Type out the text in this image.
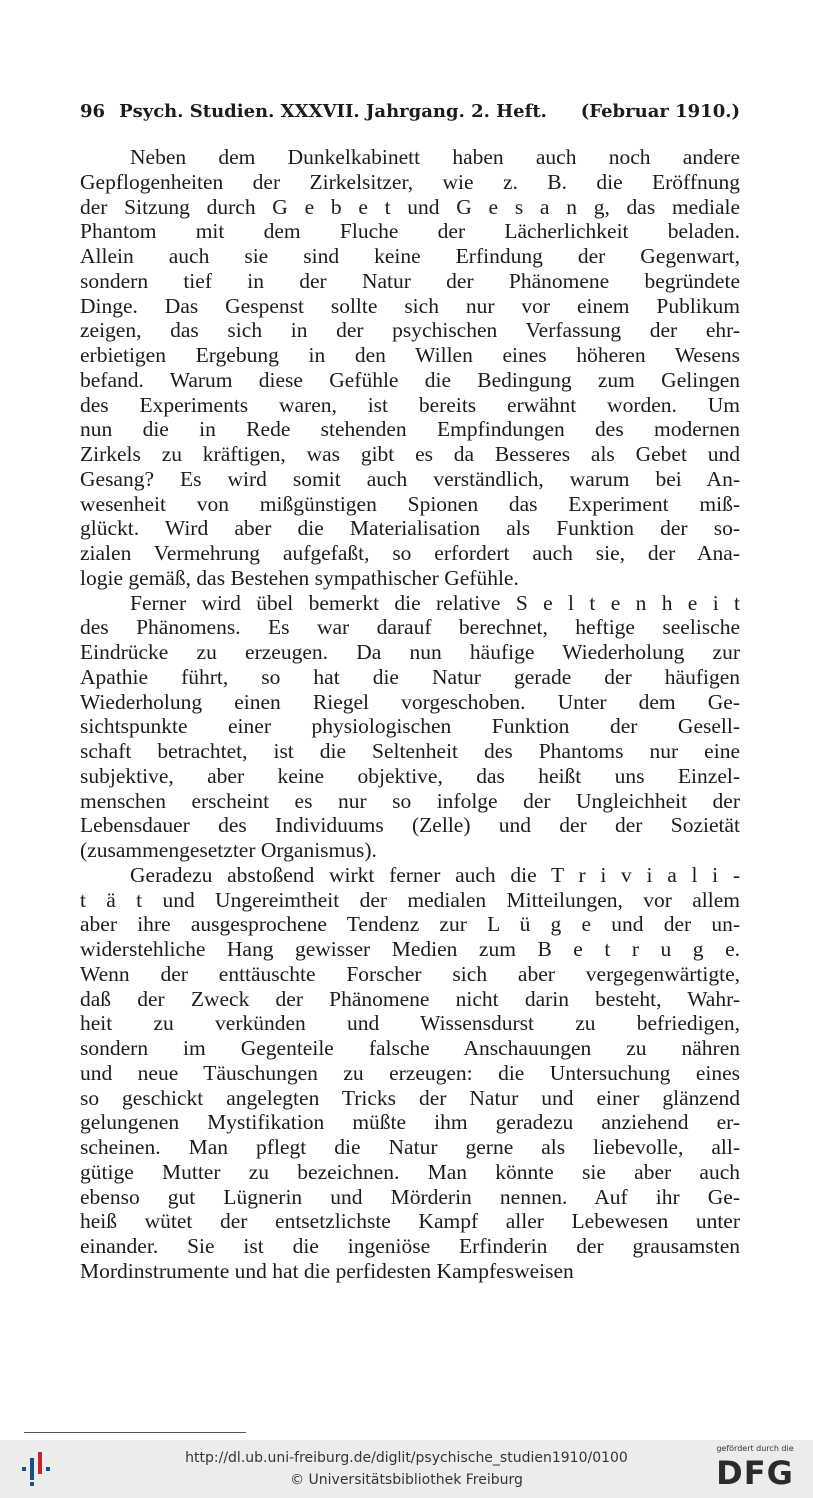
96 Psych. Studien. XXXVII. Jahrgang. 2. Heft.	(Februar 1910.)
Neben dem Dunkelkabinett haben auch noch andere
Gepflogenheiten der Zirkelsitzer, wie z. B. die Eröffnung
der Sitzung durch G e b e t und G e s a n g, das mediale
Phantom mit dem Fluche der Lächerlichkeit beladen.
Allein auch sie sind keine Erfindung der Gegenwart,
sondern tief in der Natur der Phänomene begründete
Dinge. Das Gespenst sollte sich nur vor einem Publikum
zeigen, das sich in der psychischen Verfassung der ehr-
erbietigen Ergebung in den Willen eines höheren Wesens
befand. Warum diese Gefühle die Bedingung zum Gelingen
des Experiments waren, ist bereits erwähnt worden. Um
nun die in Rede stehenden Empfindungen des modernen
Zirkels zu kräftigen, was gibt es da Besseres als Gebet und
Gesang? Es wird somit auch verständlich, warum bei An-
wesenheit von mißgünstigen Spionen das Experiment miß-
glückt. Wird aber die Materialisation als Funktion der so-
zialen Vermehrung aufgefaßt, so erfordert auch sie, der Ana-
logie gemäß, das Bestehen sympathischer Gefühle.
Ferner wird übel bemerkt die relative S e l t e n h e i t
des Phänomens. Es war darauf berechnet, heftige seelische
Eindrücke zu erzeugen. Da nun häufige Wiederholung zur
Apathie führt, so hat die Natur gerade der häufigen
Wiederholung einen Riegel vorgeschoben. Unter dem Ge-
sichtspunkte einer physiologischen Funktion der Gesell-
schaft betrachtet, ist die Seltenheit des Phantoms nur eine
subjektive, aber keine objektive, das heißt uns Einzel-
menschen erscheint es nur so infolge der Ungleichheit der
Lebensdauer des Individuums (Zelle) und der der Sozietät
(zusammengesetzter Organismus).
Geradezu abstoßend wirkt ferner auch die T r i v i a l i -
t ä t und Ungereimtheit der medialen Mitteilungen, vor allem
aber ihre ausgesprochene Tendenz zur L ü g e und der un-
widerstehliche Hang gewisser Medien zum B e t r u g e.
Wenn der enttäuschte Forscher sich aber vergegenwärtigte,
daß der Zweck der Phänomene nicht darin besteht, Wahr-
heit zu verkünden und Wissensdurst zu befriedigen,
sondern im Gegenteile falsche Anschauungen zu nähren
und neue Täuschungen zu erzeugen: die Untersuchung eines
so geschickt angelegten Tricks der Natur und einer glänzend
gelungenen Mystifikation müßte ihm geradezu anziehend er-
scheinen. Man pflegt die Natur gerne als liebevolle, all-
gütige Mutter zu bezeichnen. Man könnte sie aber auch
ebenso gut Lügnerin und Mörderin nennen. Auf ihr Ge-
heiß wütet der entsetzlichste Kampf aller Lebewesen unter
einander. Sie ist die ingeniöse Erfinderin der grausamsten
Mordinstrumente und hat die perfidesten Kampfesweisen
http://dl.ub.uni-freiburg.de/diglit/psychische_studien1910/0100
© Universitätsbibliothek Freiburg
gefördert durch die
DFG
